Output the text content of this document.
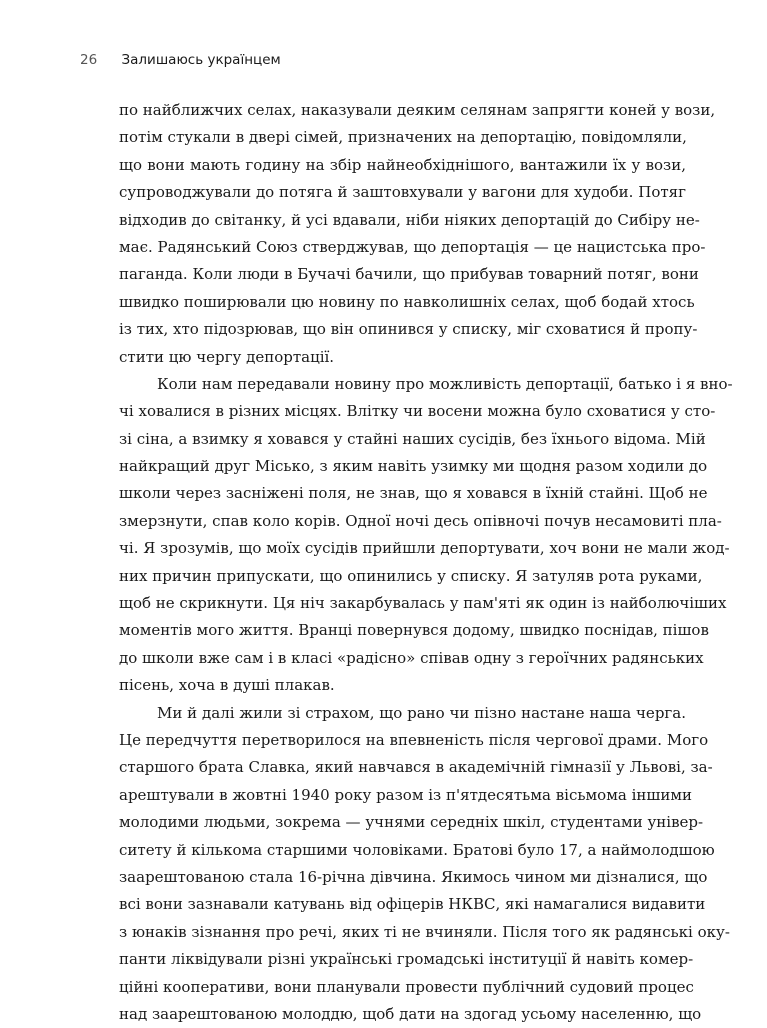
26 Залишаюсь українцем
по найближчих селах, наказували деяким селянам запрягти коней у вози,
потім стукали в двері сімей, призначених на депортацію, повідомляли,
що вони мають годину на збір найнеобхіднішого, вантажили їх у вози,
супроводжували до потяга й заштовхували у вагони для худоби. Потяг
відходив до світанку, й усі вдавали, ніби ніяких депортацій до Сибіру не-
має. Радянський Союз стверджував, що депортація — це нацистська про-
паганда. Коли люди в Бучачі бачили, що прибував товарний потяг, вони
швидко поширювали цю новину по навколишніх селах, щоб бодай хтось
із тих, хто підозрював, що він опинився у списку, міг сховатися й пропу-
стити цю чергу депортації.
Коли нам передавали новину про можливість депортації, батько і я вно-
чі ховалися в різних місцях. Влітку чи восени можна було сховатися у сто-
зі сіна, а взимку я ховався у стайні наших сусідів, без їхнього відома. Мій
найкращий друг Місько, з яким навіть узимку ми щодня разом ходили до
школи через засніжені поля, не знав, що я ховався в їхній стайні. Щоб не
змерзнути, спав коло корів. Одної ночі десь опівночі почув несамовиті пла-
чі. Я зрозумів, що моїх сусідів прийшли депортувати, хоч вони не мали жод-
них причин припускати, що опинились у списку. Я затуляв рота руками,
щоб не скрикнути. Ця ніч закарбувалась у пам'яті як один із найболючіших
моментів мого життя. Вранці повернувся додому, швидко поснідав, пішов
до школи вже сам і в класі «радісно» співав одну з героїчних радянських
пісень, хоча в душі плакав.
Ми й далі жили зі страхом, що рано чи пізно настане наша черга.
Це передчуття перетворилося на впевненість після чергової драми. Мого
старшого брата Славка, який навчався в академічній гімназії у Львові, за-
арештували в жовтні 1940 року разом із п'ятдесятьма вісьмома іншими
молодими людьми, зокрема — учнями середніх шкіл, студентами універ-
ситету й кількома старшими чоловіками. Братові було 17, а наймолодшою
заарештованою стала 16-річна дівчина. Якимось чином ми дізналися, що
всі вони зазнавали катувань від офіцерів НКВС, які намагалися видавити
з юнаків зізнання про речі, яких ті не вчиняли. Після того як радянські оку-
панти ліквідували різні українські громадські інституції й навіть комер-
ційні кооперативи, вони планували провести публічний судовий процес
над заарештованою молоддю, щоб дати на здогад усьому населенню, що
